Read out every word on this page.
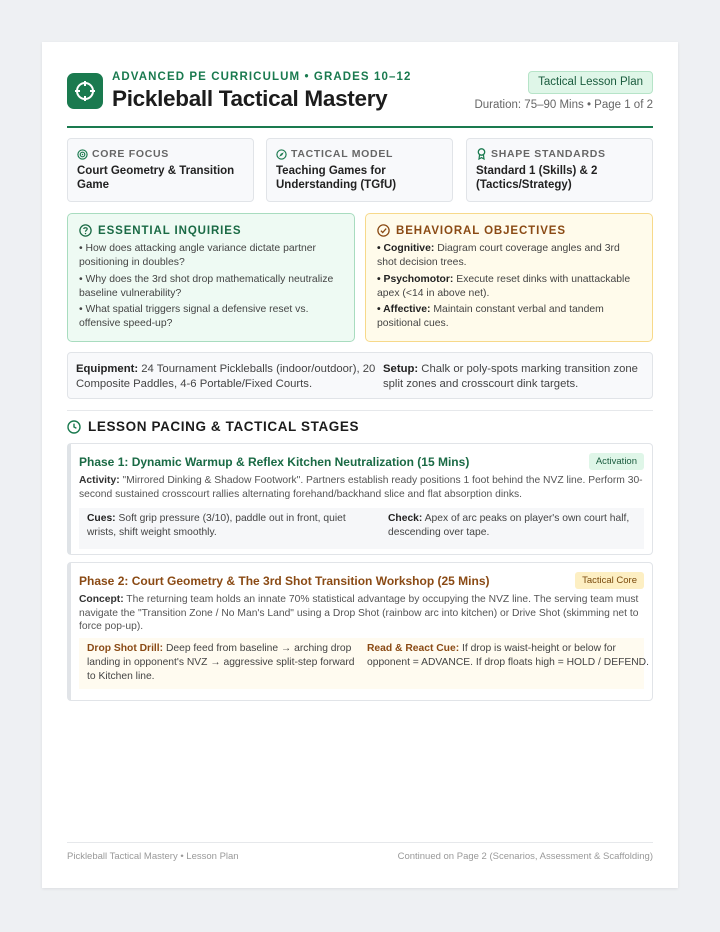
ADVANCED PE CURRICULUM • GRADES 10–12
Pickleball Tactical Mastery
Tactical Lesson Plan
Duration: 75–90 Mins • Page 1 of 2
CORE FOCUS
Court Geometry & Transition Game
TACTICAL MODEL
Teaching Games for Understanding (TGfU)
SHAPE STANDARDS
Standard 1 (Skills) & 2 (Tactics/Strategy)
ESSENTIAL INQUIRIES
• How does attacking angle variance dictate partner positioning in doubles?
• Why does the 3rd shot drop mathematically neutralize baseline vulnerability?
• What spatial triggers signal a defensive reset vs. offensive speed-up?
BEHAVIORAL OBJECTIVES
• Cognitive: Diagram court coverage angles and 3rd shot decision trees.
• Psychomotor: Execute reset dinks with unattackable apex (<14 in above net).
• Affective: Maintain constant verbal and tandem positional cues.
Equipment: 24 Tournament Pickleballs (indoor/outdoor), 20 Composite Paddles, 4-6 Portable/Fixed Courts.
Setup: Chalk or poly-spots marking transition zone split zones and crosscourt dink targets.
LESSON PACING & TACTICAL STAGES
Phase 1: Dynamic Warmup & Reflex Kitchen Neutralization (15 Mins)	Activation
Activity: "Mirrored Dinking & Shadow Footwork". Partners establish ready positions 1 foot behind the NVZ line. Perform 30-second sustained crosscourt rallies alternating forehand/backhand slice and flat absorption dinks.
Cues: Soft grip pressure (3/10), paddle out in front, quiet wrists, shift weight smoothly.
Check: Apex of arc peaks on player's own court half, descending over tape.
Phase 2: Court Geometry & The 3rd Shot Transition Workshop (25 Mins)	Tactical Core
Concept: The returning team holds an innate 70% statistical advantage by occupying the NVZ line. The serving team must navigate the "Transition Zone / No Man's Land" using a Drop Shot (rainbow arc into kitchen) or Drive Shot (skimming net to force pop-up).
Drop Shot Drill: Deep feed from baseline → arching drop landing in opponent's NVZ → aggressive split-step forward to Kitchen line.
Read & React Cue: If drop is waist-height or below for opponent = ADVANCE. If drop floats high = HOLD / DEFEND.
Pickleball Tactical Mastery • Lesson Plan	Continued on Page 2 (Scenarios, Assessment & Scaffolding)
